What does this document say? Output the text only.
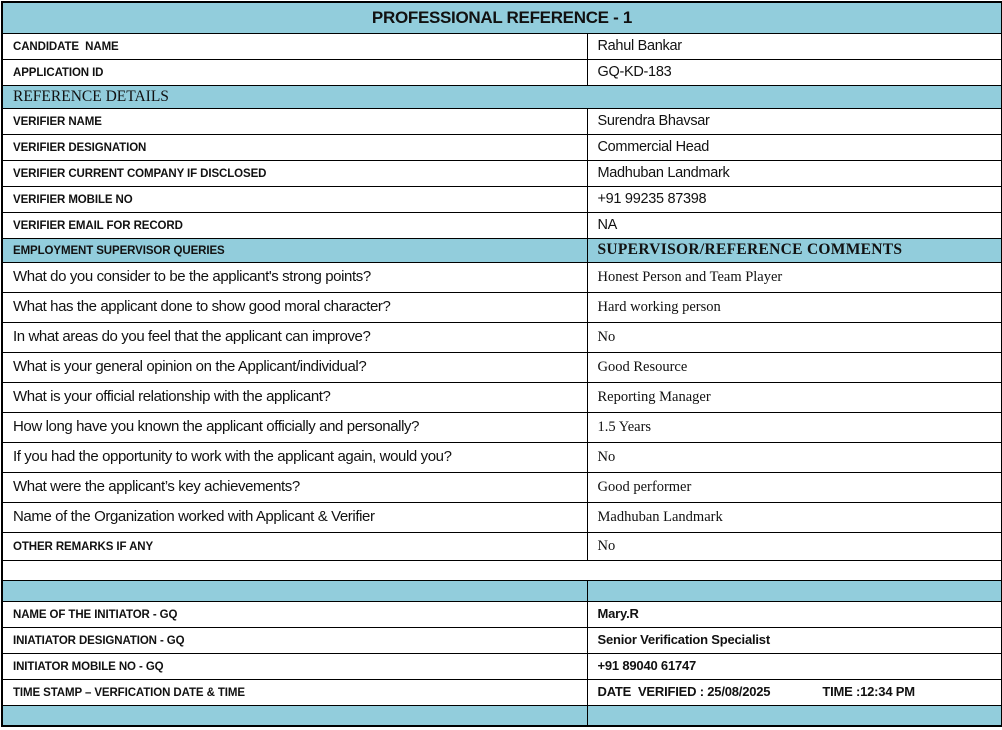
PROFESSIONAL REFERENCE - 1	
CANDIDATE  NAME	Rahul Bankar
APPLICATION ID	GQ-KD-183
REFERENCE DETAILS	
VERIFIER NAME	Surendra Bhavsar
VERIFIER DESIGNATION	Commercial Head
VERIFIER CURRENT COMPANY IF DISCLOSED	Madhuban Landmark
VERIFIER MOBILE NO	+91 99235 87398
VERIFIER EMAIL FOR RECORD	NA
EMPLOYMENT SUPERVISOR QUERIES	SUPERVISOR/REFERENCE COMMENTS
What do you consider to be the applicant's strong points?	Honest Person and Team Player
What has the applicant done to show good moral character?	Hard working person
In what areas do you feel that the applicant can improve?	No
What is your general opinion on the Applicant/individual?	Good Resource
What is your official relationship with the applicant?	Reporting Manager
How long have you known the applicant officially and personally?	1.5 Years
If you had the opportunity to work with the applicant again, would you?	No
What were the applicant’s key achievements?	Good performer
Name of the Organization worked with Applicant & Verifier	Madhuban Landmark
OTHER REMARKS IF ANY	No

NAME OF THE INITIATOR - GQ	Mary.R
INIATIATOR DESIGNATION - GQ	Senior Verification Specialist
INITIATOR MOBILE NO - GQ	+91 89040 61747
TIME STAMP – VERFICATION DATE & TIME	DATE  VERIFIED : 25/08/2025 TIME :12:34 PM
